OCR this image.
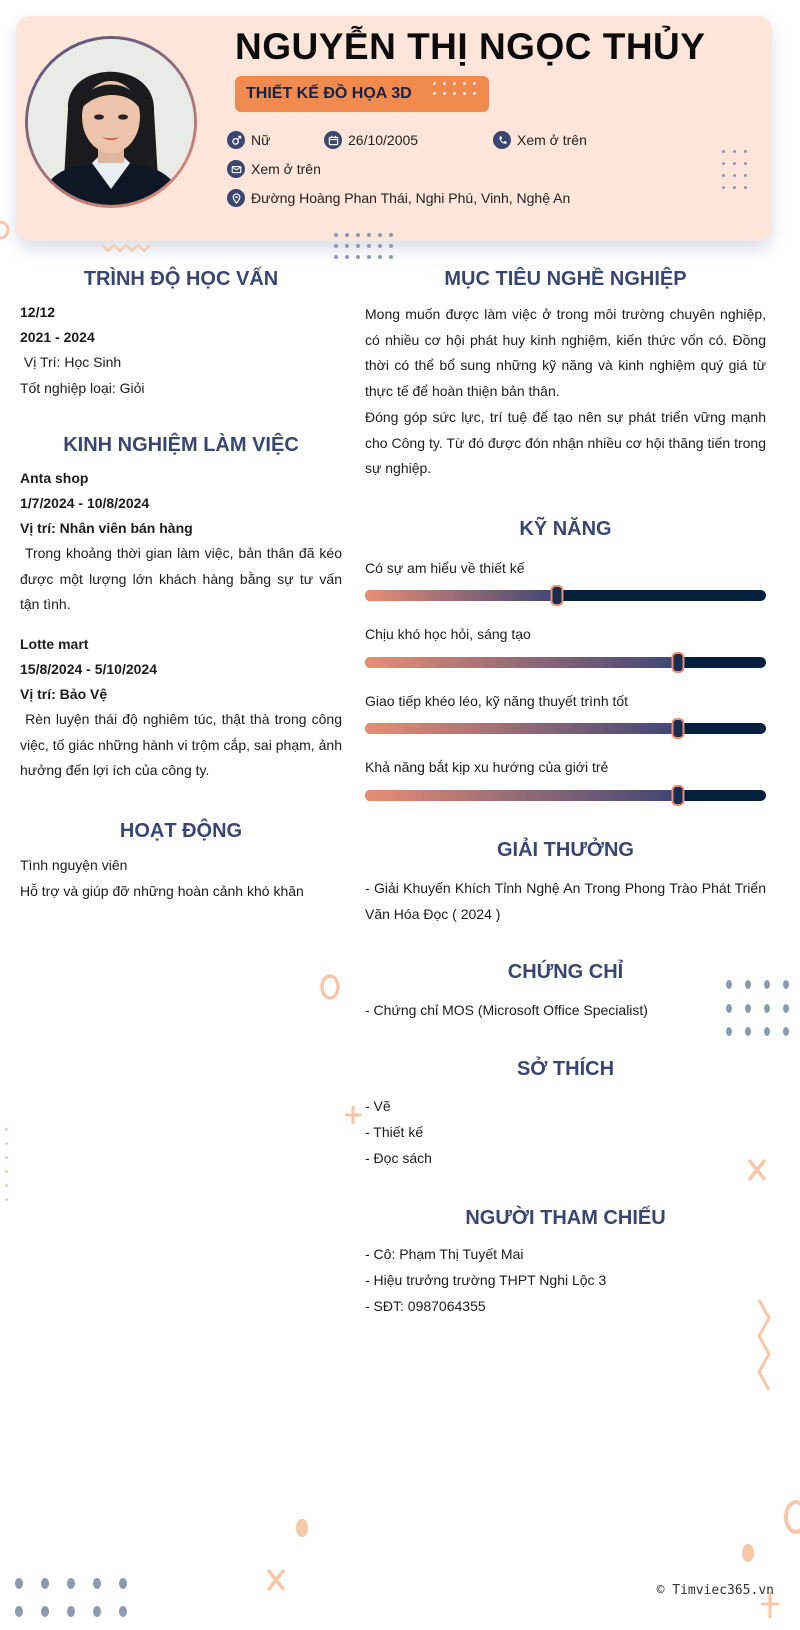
NGUYỄN THỊ NGỌC THỦY
THIẾT KẾ ĐỒ HỌA 3D
Nữ	26/10/2005	Xem ở trên
Xem ở trên
Đường Hoàng Phan Thái, Nghi Phú, Vinh, Nghệ An
TRÌNH ĐỘ HỌC VẤN
12/12
2021 - 2024
Vị Trí: Học Sinh
Tốt nghiệp loại: Giỏi
KINH NGHIỆM LÀM VIỆC
Anta shop
1/7/2024 - 10/8/2024
Vị trí: Nhân viên bán hàng
Trong khoảng thời gian làm việc, bản thân đã kéo được một lượng lớn khách hàng bằng sự tư vấn tận tình.
Lotte mart
15/8/2024 - 5/10/2024
Vị trí: Bảo Vệ
Rèn luyện thái độ nghiêm túc, thật thà trong công việc, tố giác những hành vi trộm cắp, sai phạm, ảnh hưởng đến lợi ích của công ty.
HOẠT ĐỘNG
Tình nguyện viên
Hỗ trợ và giúp đỡ những hoàn cảnh khó khăn
MỤC TIÊU NGHỀ NGHIỆP
Mong muốn được làm việc ở trong môi trường chuyên nghiệp, có nhiều cơ hội phát huy kinh nghiệm, kiến thức vốn có. Đồng thời có thể bổ sung những kỹ năng và kinh nghiệm quý giá từ thực tế để hoàn thiện bản thân.
Đóng góp sức lực, trí tuệ để tạo nên sự phát triển vững mạnh cho Công ty. Từ đó được đón nhận nhiều cơ hội thăng tiến trong sự nghiệp.
KỸ NĂNG
Có sự am hiểu về thiết kế
Chịu khó học hỏi, sáng tạo
Giao tiếp khéo léo, kỹ năng thuyết trình tốt
Khả năng bắt kịp xu hướng của giới trẻ
GIẢI THƯỞNG
- Giải Khuyến Khích Tỉnh Nghệ An Trong Phong Trào Phát Triển Văn Hóa Đọc ( 2024 )
CHỨNG CHỈ
- Chứng chỉ MOS (Microsoft Office Specialist)
SỞ THÍCH
- Vẽ
- Thiết kế
- Đọc sách
NGƯỜI THAM CHIẾU
- Cô: Phạm Thị Tuyết Mai
- Hiệu trưởng trường THPT Nghi Lộc 3
- SĐT: 0987064355
© Timviec365.vn
